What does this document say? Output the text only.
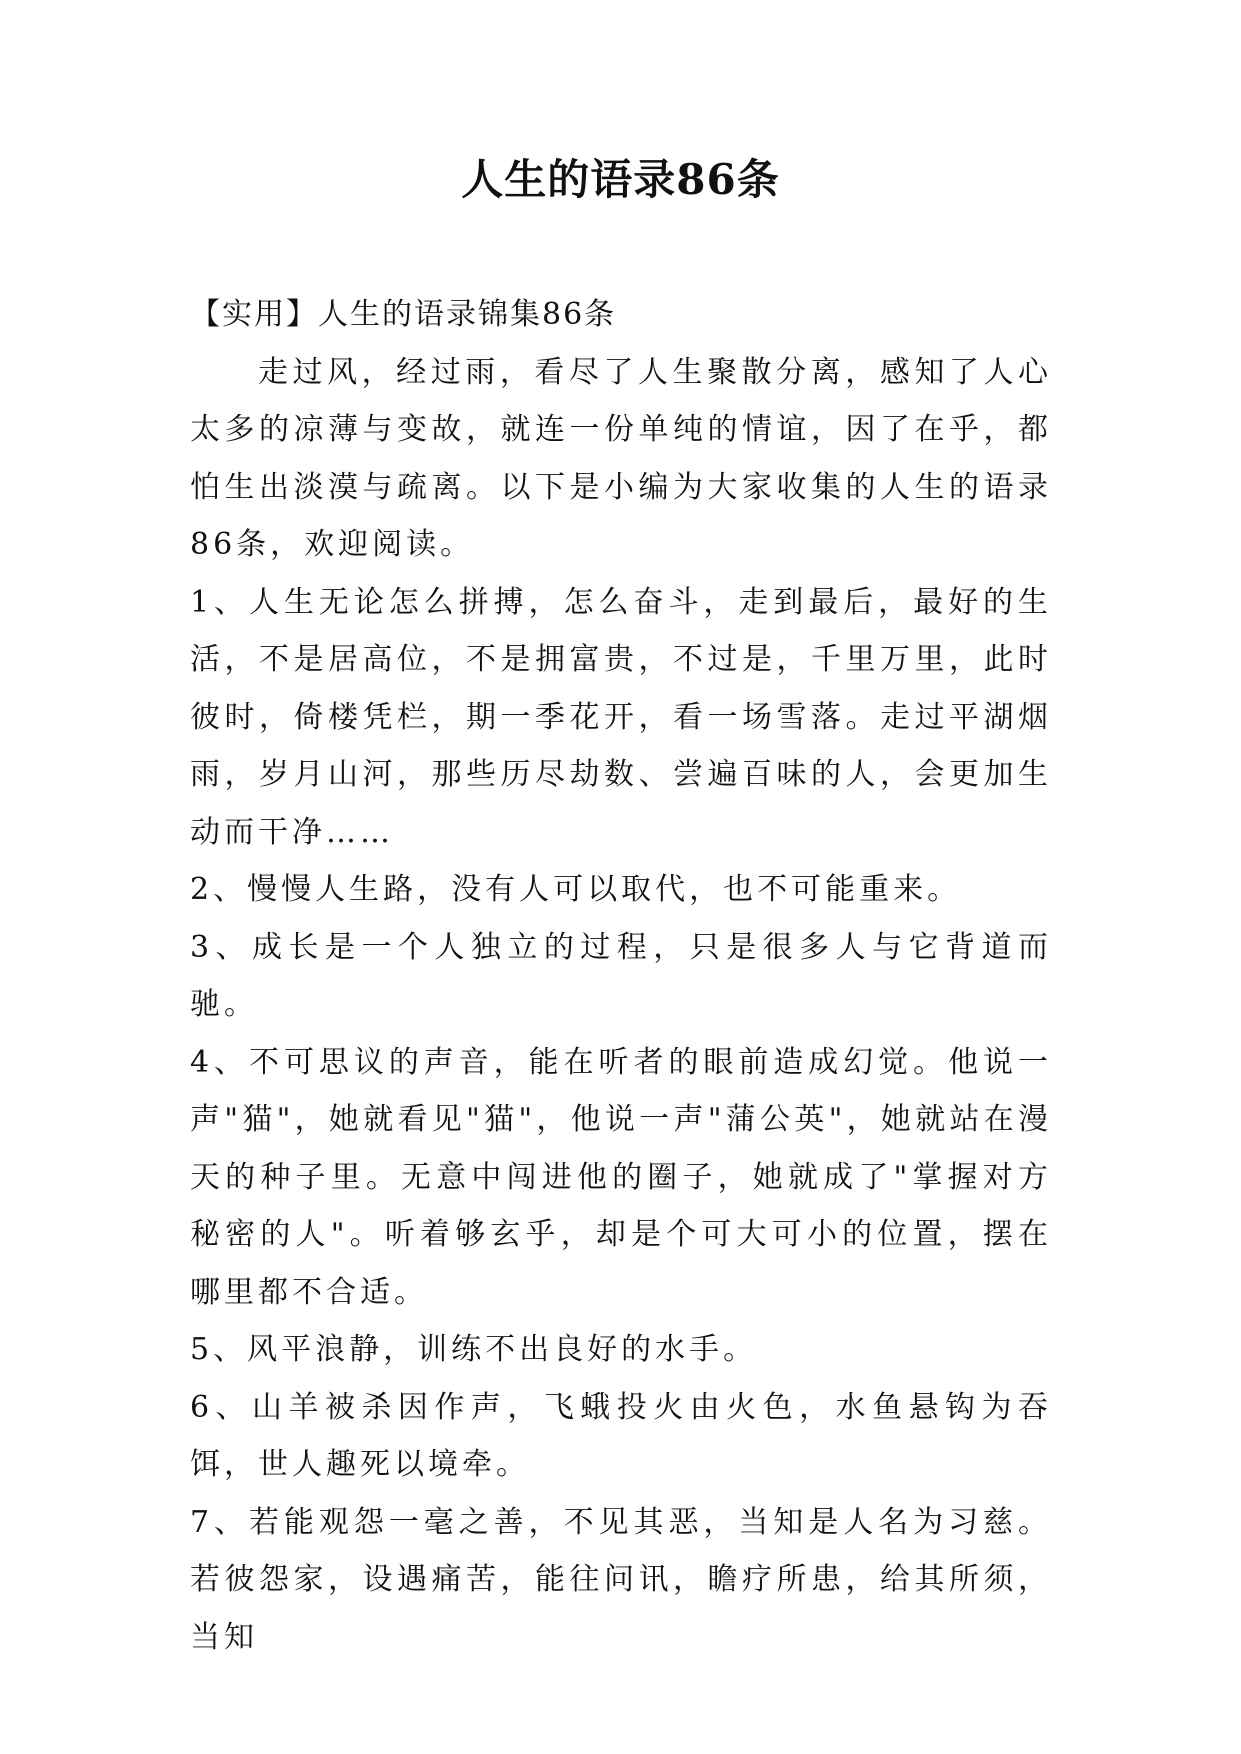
人生的语录86条

【实用】人生的语录锦集86条

走过风，经过雨，看尽了人生聚散分离，感知了人心太多的凉薄与变故，就连一份单纯的情谊，因了在乎，都怕生出淡漠与疏离。以下是小编为大家收集的人生的语录86条，欢迎阅读。

1、人生无论怎么拼搏，怎么奋斗，走到最后，最好的生活，不是居高位，不是拥富贵，不过是，千里万里，此时彼时，倚楼凭栏，期一季花开，看一场雪落。走过平湖烟雨，岁月山河，那些历尽劫数、尝遍百味的人，会更加生动而干净……

2、慢慢人生路，没有人可以取代，也不可能重来。

3、成长是一个人独立的过程，只是很多人与它背道而驰。

4、不可思议的声音，能在听者的眼前造成幻觉。他说一声"猫"，她就看见"猫"，他说一声"蒲公英"，她就站在漫天的种子里。无意中闯进他的圈子，她就成了"掌握对方秘密的人"。听着够玄乎，却是个可大可小的位置，摆在哪里都不合适。

5、风平浪静，训练不出良好的水手。

6、山羊被杀因作声，飞蛾投火由火色，水鱼悬钩为吞饵，世人趣死以境牵。

7、若能观怨一毫之善，不见其恶，当知是人名为习慈。若彼怨家，设遇痛苦，能往问讯，瞻疗所患，给其所须，当知
